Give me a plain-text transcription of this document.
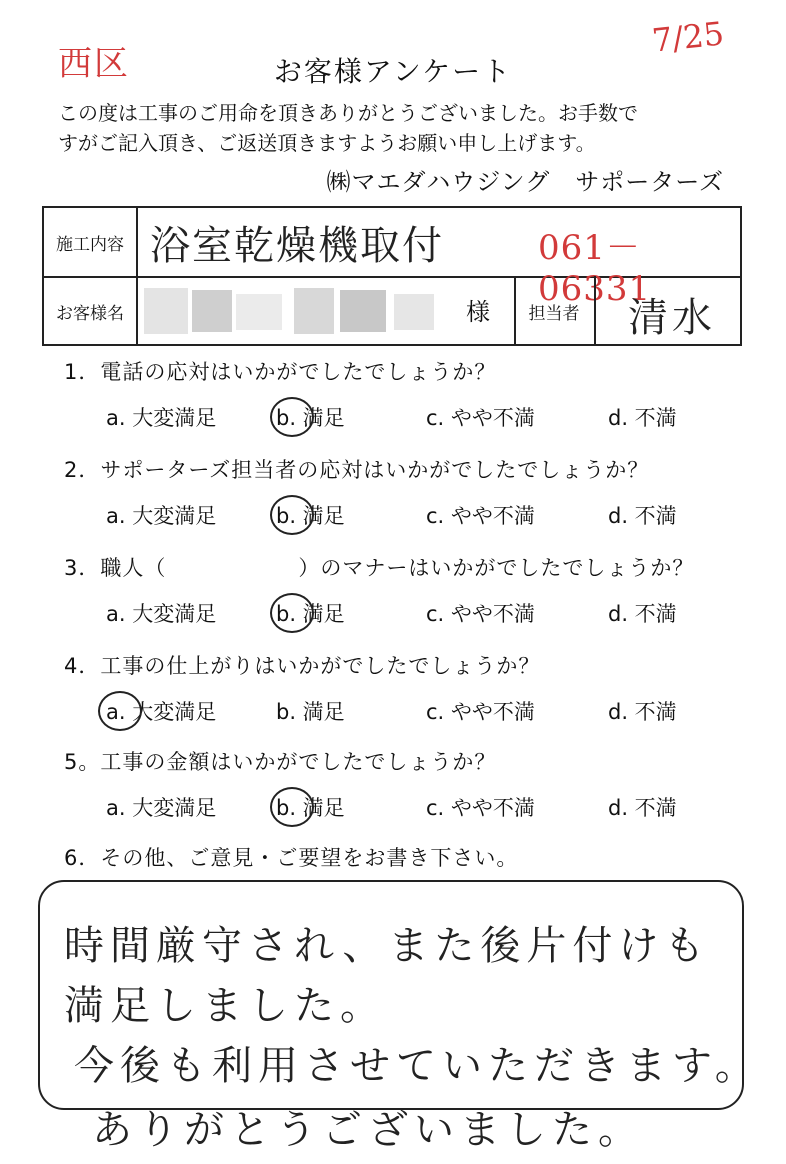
西区
7/25
お客様アンケート
この度は工事のご用命を頂きありがとうございました。お手数で
すがご記入頂き、ご返送頂きますようお願い申し上げます。
㈱マエダハウジング　サポーターズ
施工内容 浴室乾燥機取付	061－06331
お客様名	様	担当者	清水
1．電話の応対はいかがでしたでしょうか？
a. 大変満足	b. 満足	c. やや不満	d. 不満
2．サポーターズ担当者の応対はいかがでしたでしょうか？
a. 大変満足	b. 満足	c. やや不満	d. 不満
3．職人（　　　　　　）のマナーはいかがでしたでしょうか？
a. 大変満足	b. 満足	c. やや不満	d. 不満
4．工事の仕上がりはいかがでしたでしょうか？
a. 大変満足	b. 満足	c. やや不満	d. 不満
5。工事の金額はいかがでしたでしょうか？
a. 大変満足	b. 満足	c. やや不満	d. 不満
6．その他、ご意見・ご要望をお書き下さい。
時間厳守され、また後片付けも
満足しました。
今後も利用させていただきます。
ありがとうございました。
